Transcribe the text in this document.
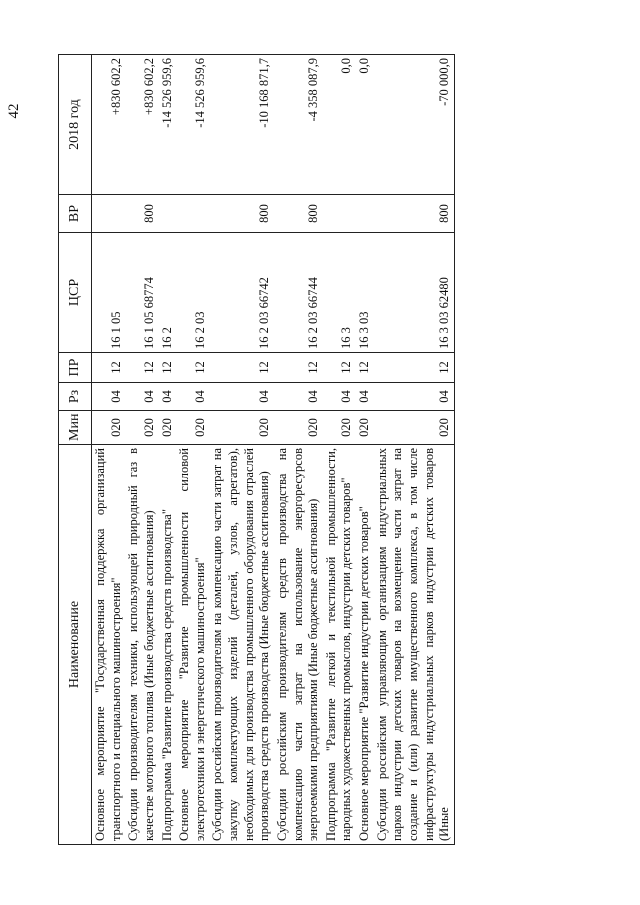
42
Наименование	Мин	Рз	ПР	ЦСР	ВР	2018 год
Основное мероприятие "Государственная поддержка организаций транспортного и специального машиностроения"	020	04	12	16 1 05		+830 602,2
Субсидии производителям техники, использующей природный газ в качестве моторного топлива (Иные бюджетные ассигнования)	020	04	12	16 1 05 68774	800	+830 602,2
Подпрограмма "Развитие производства средств производства"	020	04	12	16 2		-14 526 959,6
Основное мероприятие "Развитие промышленности силовой электротехники и энергетического машиностроения"	020	04	12	16 2 03		-14 526 959,6
Субсидии российским производителям на компенсацию части затрат на закупку комплектующих изделий (деталей, узлов, агрегатов), необходимых для производства промышленного оборудования отраслей производства средств производства (Иные бюджетные ассигнования)	020	04	12	16 2 03 66742	800	-10 168 871,7
Субсидии российским производителям средств производства на компенсацию части затрат на использование энергоресурсов энергоемкими предприятиями (Иные бюджетные ассигнования)	020	04	12	16 2 03 66744	800	-4 358 087,9
Подпрограмма "Развитие легкой и текстильной промышленности, народных художественных промыслов, индустрии детских товаров"	020	04	12	16 3		0,0
Основное мероприятие "Развитие индустрии детских товаров"	020	04	12	16 3 03		0,0
Субсидии российским управляющим организациям индустриальных парков индустрии детских товаров на возмещение части затрат на создание и (или) развитие имущественного комплекса, в том числе инфраструктуры индустриальных парков индустрии детских товаров (Иные	020	04	12	16 3 03 62480	800	-70 000,0
